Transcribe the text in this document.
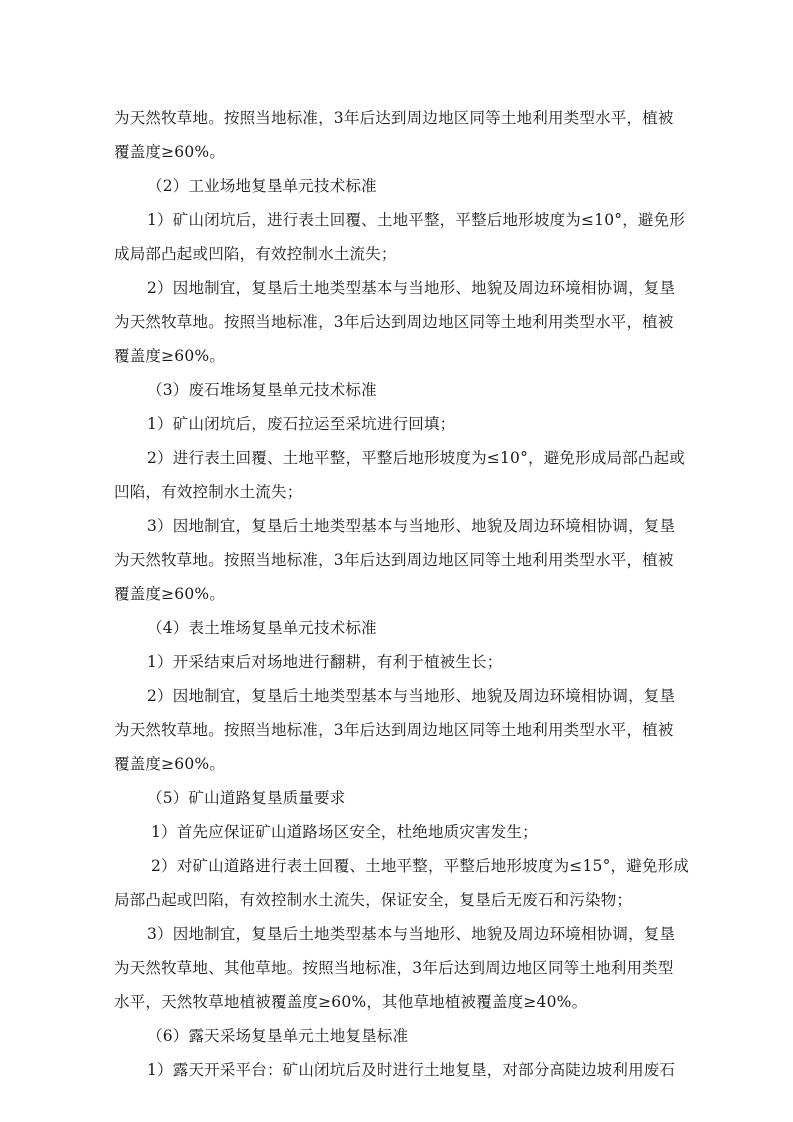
为天然牧草地。按照当地标准，3年后达到周边地区同等土地利用类型水平，植被
覆盖度≥60%。
（2）工业场地复垦单元技术标准
1）矿山闭坑后，进行表土回覆、土地平整，平整后地形坡度为≤10°，避免形
成局部凸起或凹陷，有效控制水土流失；
2）因地制宜，复垦后土地类型基本与当地形、地貌及周边环境相协调，复垦
为天然牧草地。按照当地标准，3年后达到周边地区同等土地利用类型水平，植被
覆盖度≥60%。
（3）废石堆场复垦单元技术标准
1）矿山闭坑后，废石拉运至采坑进行回填；
2）进行表土回覆、土地平整，平整后地形坡度为≤10°，避免形成局部凸起或
凹陷，有效控制水土流失；
3）因地制宜，复垦后土地类型基本与当地形、地貌及周边环境相协调，复垦
为天然牧草地。按照当地标准，3年后达到周边地区同等土地利用类型水平，植被
覆盖度≥60%。
（4）表土堆场复垦单元技术标准
1）开采结束后对场地进行翻耕，有利于植被生长；
2）因地制宜，复垦后土地类型基本与当地形、地貌及周边环境相协调，复垦
为天然牧草地。按照当地标准，3年后达到周边地区同等土地利用类型水平，植被
覆盖度≥60%。
（5）矿山道路复垦质量要求
1）首先应保证矿山道路场区安全，杜绝地质灾害发生；
2）对矿山道路进行表土回覆、土地平整，平整后地形坡度为≤15°，避免形成
局部凸起或凹陷，有效控制水土流失，保证安全，复垦后无废石和污染物；
3）因地制宜，复垦后土地类型基本与当地形、地貌及周边环境相协调，复垦
为天然牧草地、其他草地。按照当地标准，3年后达到周边地区同等土地利用类型
水平，天然牧草地植被覆盖度≥60%，其他草地植被覆盖度≥40%。
（6）露天采场复垦单元土地复垦标准
1）露天开采平台：矿山闭坑后及时进行土地复垦，对部分高陡边坡利用废石
